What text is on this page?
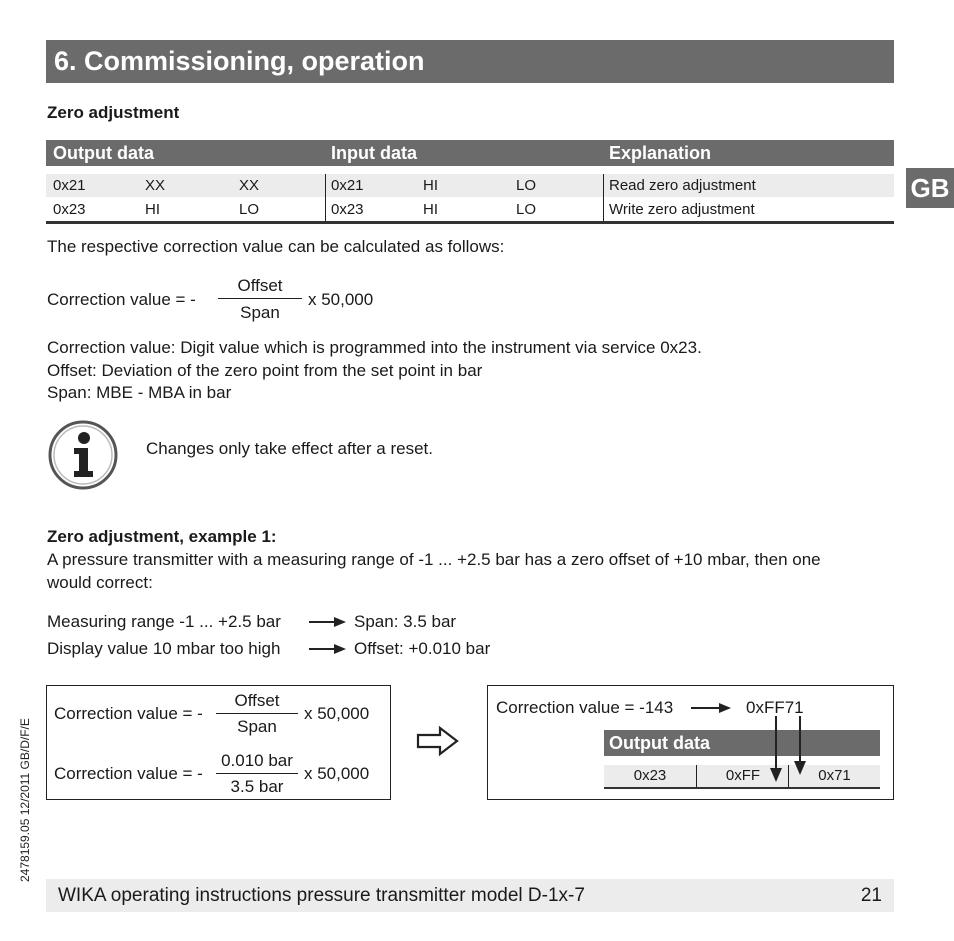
6. Commissioning, operation
GB
Zero adjustment
Output data	Input data	Explanation
0x21	XX	XX	0x21	HI	LO	Read zero adjustment
0x23	HI	LO	0x23	HI	LO	Write zero adjustment
The respective correction value can be calculated as follows:
Correction value = -
Offset
Span
x 50,000
Correction value: Digit value which is programmed into the instrument via service 0x23.
Offset: Deviation of the zero point from the set point in bar
Span: MBE - MBA in bar
Changes only take effect after a reset.
Zero adjustment, example 1:
A pressure transmitter with a measuring range of -1 ... +2.5 bar has a zero offset of +10 mbar, then one
would correct:
Measuring range -1 ... +2.5 bar	Span: 3.5 bar
Display value 10 mbar too high	Offset: +0.010 bar
Correction value = -
Offset
Span
x 50,000
Correction value = -
0.010 bar
3.5 bar
x 50,000
Correction value = -143	0xFF71
Output data
0x23	0xFF	0x71
2478159.05 12/2011 GB/D/F/E
WIKA operating instructions pressure transmitter model D-1x-7	21
